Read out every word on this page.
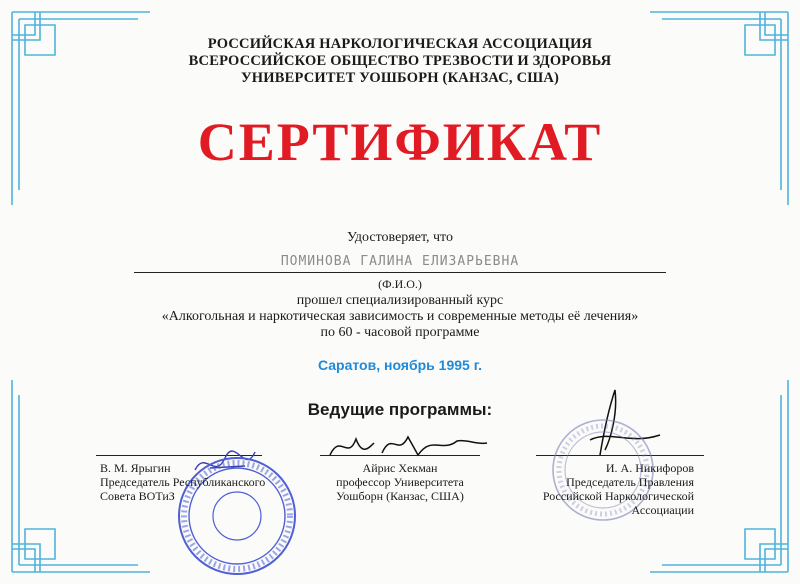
РОССИЙСКАЯ НАРКОЛОГИЧЕСКАЯ АССОЦИАЦИЯ
ВСЕРОССИЙСКОЕ ОБЩЕСТВО ТРЕЗВОСТИ И ЗДОРОВЬЯ
УНИВЕРСИТЕТ УОШБОРН (КАНЗАС, США)
СЕРТИФИКАТ
Удостоверяет, что
ПОМИНОВА ГАЛИНА ЕЛИЗАРЬЕВНА
(Ф.И.О.)
прошел специализированный курс
«Алкогольная и наркотическая зависимость и современные методы её лечения»
по 60 - часовой программе
Саратов, ноябрь 1995 г.
Ведущие программы:
В. М. Ярыгин
Председатель Республиканского
Совета ВОТиЗ
Айрис Хекман
профессор Университета
Уошборн (Канзас, США)
И. А. Никифоров
Председатель Правления
Российской Наркологической
Ассоциации
